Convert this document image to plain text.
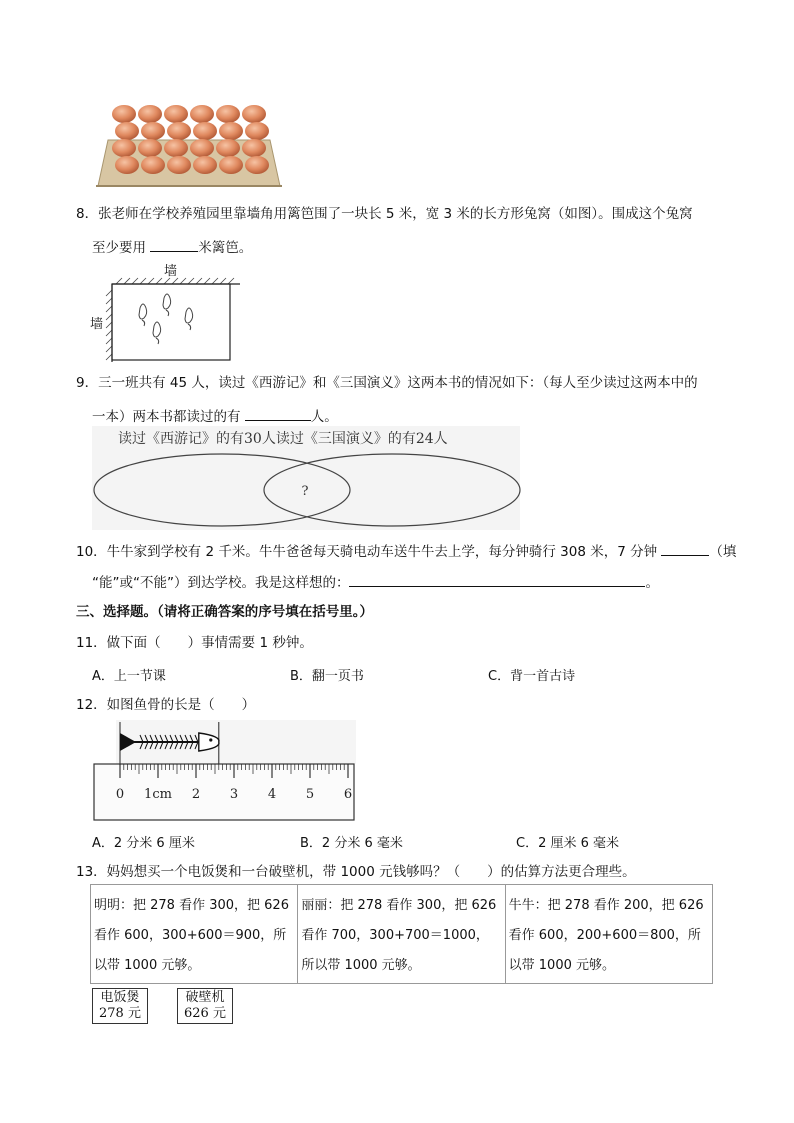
8．张老师在学校养殖园里靠墙角用篱笆围了一块长 5 米，宽 3 米的长方形兔窝（如图）。围成这个兔窝
至少要用	米篱笆。
墙
墙
9．三一班共有 45 人，读过《西游记》和《三国演义》这两本书的情况如下：（每人至少读过这两本中的
一本）两本书都读过的有	人。
读过《西游记》的有30人读过《三国演义》的有24人
?
10．牛牛家到学校有 2 千米。牛牛爸爸每天骑电动车送牛牛去上学，每分钟骑行 308 米，7 分钟	（填
“能”或“不能”）到达学校。我是这样想的：	。
三、选择题。（请将正确答案的序号填在括号里。）
11．做下面（　　）事情需要 1 秒钟。
A．上一节课	B．翻一页书	C．背一首古诗
12．如图鱼骨的长是（　　）
0 1cm 2 3 4 5 6
A．2 分米 6 厘米	B．2 分米 6 毫米	C．2 厘米 6 毫米
13．妈妈想买一个电饭煲和一台破壁机，带 1000 元钱够吗？（　　）的估算方法更合理些。
明明：把 278 看作 300，把 626 看作 600，300+600＝900，所以带 1000 元够。	丽丽：把 278 看作 300，把 626 看作 700，300+700＝1000，所以带 1000 元够。	牛牛：把 278 看作 200，把 626 看作 600，200+600＝800，所以带 1000 元够。
电饭煲
278 元
破壁机
626 元
